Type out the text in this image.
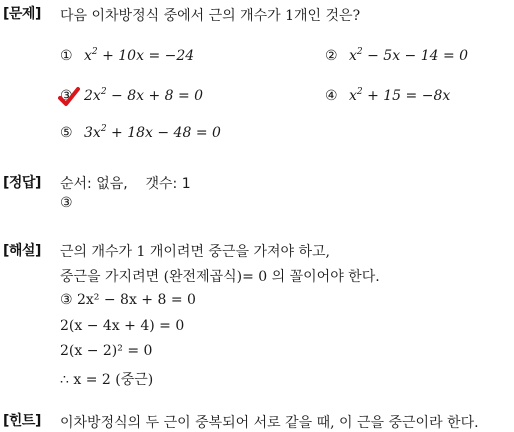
[문제] 다음 이차방정식 중에서 근의 개수가 1개인 것은?
① $x^2 + 10x = -24$	② $x^2 - 5x - 14 = 0$
③ $2x^2 - 8x + 8 = 0$	④ $x^2 + 15 = -8x$
⑤ $3x^2 + 18x - 48 = 0$
[정답] 순서: 없음,    갯수: 1
③
[해설] 근의 개수가 1 개이려면 중근을 가져야 하고,
중근을 가지려면 (완전제곱식)= 0 의 꼴이어야 한다.
③ 2x² − 8x + 8 = 0
2(x − 4x + 4) = 0
2(x − 2)² = 0
∴ x = 2 (중근)
[힌트] 이차방정식의 두 근이 중복되어 서로 같을 때, 이 근을 중근이라 한다.
